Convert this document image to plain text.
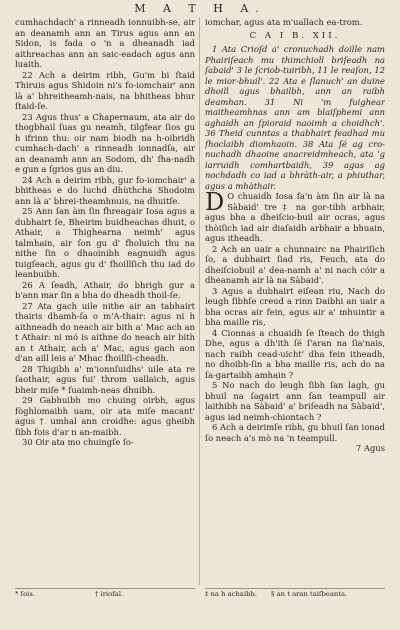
M A T H A.

cumhachdach' a rinneadh ionnuibh-se, air an deanamh ann an Tirus agus ann an Sidon, is fada o 'n a dheanadh iad aithreachas ann an saic-eadach agus ann luaith.

22 Ach a deirim ribh, Gu'm bi ſtaid Thiruis agus Shidoin ni's fo-iomchair' ann là a' bhreitheamh-nais, na bhitheas bhur ſtaid-ſe.

23 Agus thus' a Chapernaum, ata air do thogbhail ſuas gu neamh, tilgfear ſios gu h ifrinn thu: oir nam biodh na h-oibridh cumhach-dach' a rinneadh ionnadſa, air an deanamh ann an Sodom, dh' fha-nadh e gun a ſgrios gus an diu.

24 Ach a deirim ribh, gur fo-iomchair' a bhitheas e do luchd dhùthcha Shodoim ann là a' bhrei-theamhnuis, na dhuitſe.

25 Ann ſan àm ſin fhreagair Iosa agus a dubhairt ſe, Bheirim buidheachas dhuit, o Athair, a Thighearna neimh' agus talmhain, air ſon gu d' fholuich thu na nithe ſin o dhaoinibh eagnuidh agus tuigſeach, agus gu d' fhoillſich thu iad do leanbuibh.

26 A ſeadh, Athair, do bhrigh gur a b'ann mar ſin a bha do dheadh thoil-ſe.

27 Ata gach uile nithe air an tabhairt thairis dhamh-ſa o m'A-thair: agus ni h aithneadh do neach air bith a' Mac ach an t Athair: ni mó is aithne do neach air bith an t Athair, ach a' Mac, agus gach aon d'an aill leis a' Mhac fhoillſi-cheadh.

28 Thigibh a' m'ionnſuidhs' uile ata re ſaothair, agus fui' throm uallaich, agus bheir miſe * ſuaimh-neas dhuibh.

29 Gabhuibh mo chuing oirbh, agus fòghlomaibh uam, oir ata miſe macant' agus † umhal ann croidhe: agus gheibh ſibh fois d'ar n an-maibh.

30 Oir ata mo chuingſe ſo-

iomchar, agus ata m'uallach ea-trom.

C A I B. XII.

1 Ata Crioſd a' cronuchadh doille nam Phairiſeach mu thimchioll briſeadh na ſabaid' 3 le ſcriob-tuiribh, 11 le reaſon, 12 le mior-bhuil'. 22 Ata e ſlanuch' an duine dhoill agus bhailbh, ann an raibh deamhan. 31 Ni 'm fuighear maitheamhnas ann am blaiſphemi ann aghaidh an ſpioraid naoimh a choidhch'. 36 Theid cunntas a thabhairt feadhad mu fhoclaibh diomhaoin. 38 Ata ſé ag cro-nuchadh dhaoine anacreidmheach, ata 'g iarruidh comhartbaidh, 39 agus ag nochdadh co iad a bhràth-air, a phiuthar, agus a mhàthair.

D O chuaidh Iosa fa'n àm ſin air là na Sàbaid' tre ‡ na gor-tibh arbhair, agus bha a dheiſcio-buil air ocras, agus thòiſich iad air diaſaidh arbhair a bhuain, agus itheadh.

2 Ach an uair a chunnairc na Phairiſich ſo, a dubhairt ſiad ris, Feuch, ata do dheiſciobuil a' dea-namh a' ni nach cóir a dheanamh air là na Sàbaid'.

3 Agus a dubhairt eiſean riu, Nach do leugh ſibhſe creud a rinn Daibhi an uair a bha ocras air fein, agus air a' mhuintir a bha maille ris,

4 Cionnas a chuaidh ſe ſteach do thigh Dhe, agus a dh'ith ſé ſ'aran na ſia'nais, nach raibh cead-uicht' dha fein itheadh, no dhoibh-ſin a bha maille ris, ach do na ſa-gartaibh amhain ?

5 No nach do leugh ſibh ſan lagh, gu bhuil na ſagairt ann ſan teampull air laithibh na Sàbaid' a' briſeadh na Sàbaid', agus iad neimh-chiontach ?

6 Ach a deirimſe ribh, gu bhuil ſan ionad ſo neach a's mò na 'n teampull.

7 Agus

* ſois.	† iriofal.	‡ na h achaibh. § an t aran taiſbeanta.
